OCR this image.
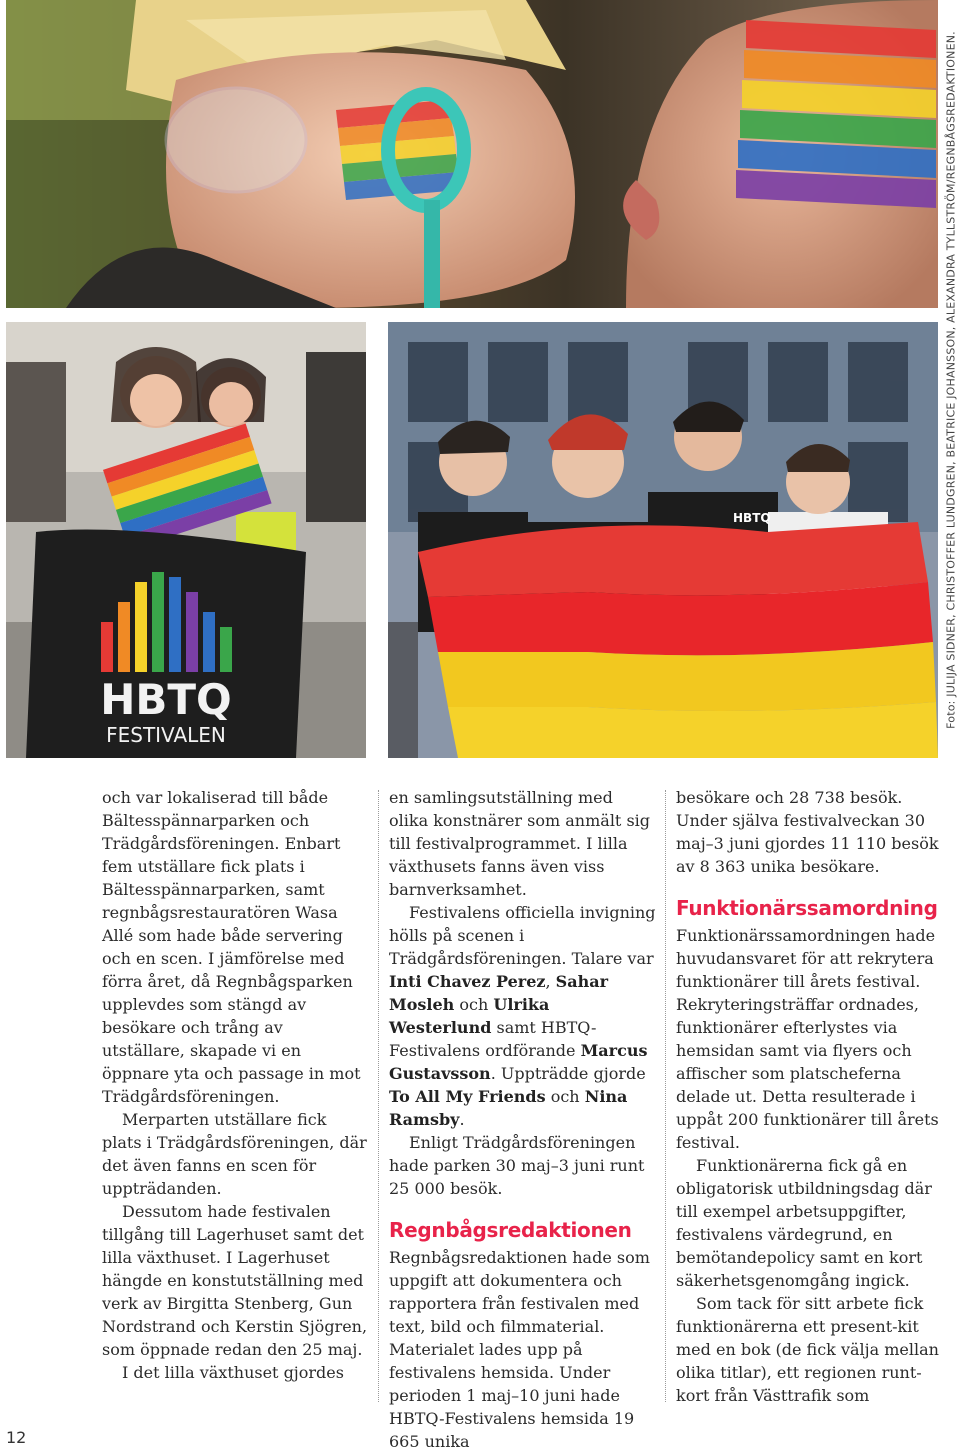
HBTQ
FESTIVALEN
HBTQ	Foto: JULIJA SIDNER, CHRISTOFFER LUNDGREN, BEATRICE JOHANSSON, ALEXANDRA TYLLSTRÖM/REGNBÅGSREDAKTIONEN.

och var lokaliserad till både Bältesspännarparken och Trädgårdsföreningen. Enbart fem utställare fick plats i Bältesspännarparken, samt regnbågsrestauratören Wasa Allé som hade både servering och en scen. I jämförelse med förra året, då Regnbågsparken upplevdes som stängd av besökare och trång av utställare, skapade vi en öppnare yta och passage in mot Trädgårdsföreningen.

Merparten utställare fick plats i Trädgårdsföreningen, där det även fanns en scen för uppträdanden.

Dessutom hade festivalen tillgång till Lagerhuset samt det lilla växthuset. I Lagerhuset hängde en konstutställning med verk av Birgitta Stenberg, Gun Nordstrand och Kerstin Sjögren, som öppnade redan den 25 maj.

I det lilla växthuset gjordes

en samlingsutställning med olika konstnärer som anmält sig till festivalprogrammet. I lilla växthusets fanns även viss barnverksamhet.

Festivalens officiella invigning hölls på scenen i Trädgårdsföreningen. Talare var Inti Chavez Perez, Sahar Mosleh och Ulrika Westerlund samt HBTQ-Festivalens ordförande Marcus Gustavsson. Uppträdde gjorde To All My Friends och Nina Ramsby.

Enligt Trädgårdsföreningen hade parken 30 maj–3 juni runt 25 000 besök.

Regnbågsredaktionen

Regnbågsredaktionen hade som uppgift att dokumentera och rapportera från festivalen med text, bild och filmmaterial. Materialet lades upp på festivalens hemsida. Under perioden 1 maj–10 juni hade HBTQ-Festivalens hemsida 19 665 unika

besökare och 28 738 besök. Under själva festivalveckan 30 maj–3 juni gjordes 11 110 besök av 8 363 unika besökare.

Funktionärssamordning

Funktionärssamordningen hade huvudansvaret för att rekrytera funktionärer till årets festival. Rekryteringsträffar ordnades, funktionärer efterlystes via hemsidan samt via flyers och affischer som platscheferna delade ut. Detta resulterade i uppåt 200 funktionärer till årets festival.

Funktionärerna fick gå en obligatorisk utbildningsdag där till exempel arbetsuppgifter, festivalens värdegrund, en bemötandepolicy samt en kort säkerhetsgenomgång ingick.

Som tack för sitt arbete fick funktionärerna ett present-kit med en bok (de fick välja mellan olika titlar), ett regionen runt-kort från Västtrafik som

12
